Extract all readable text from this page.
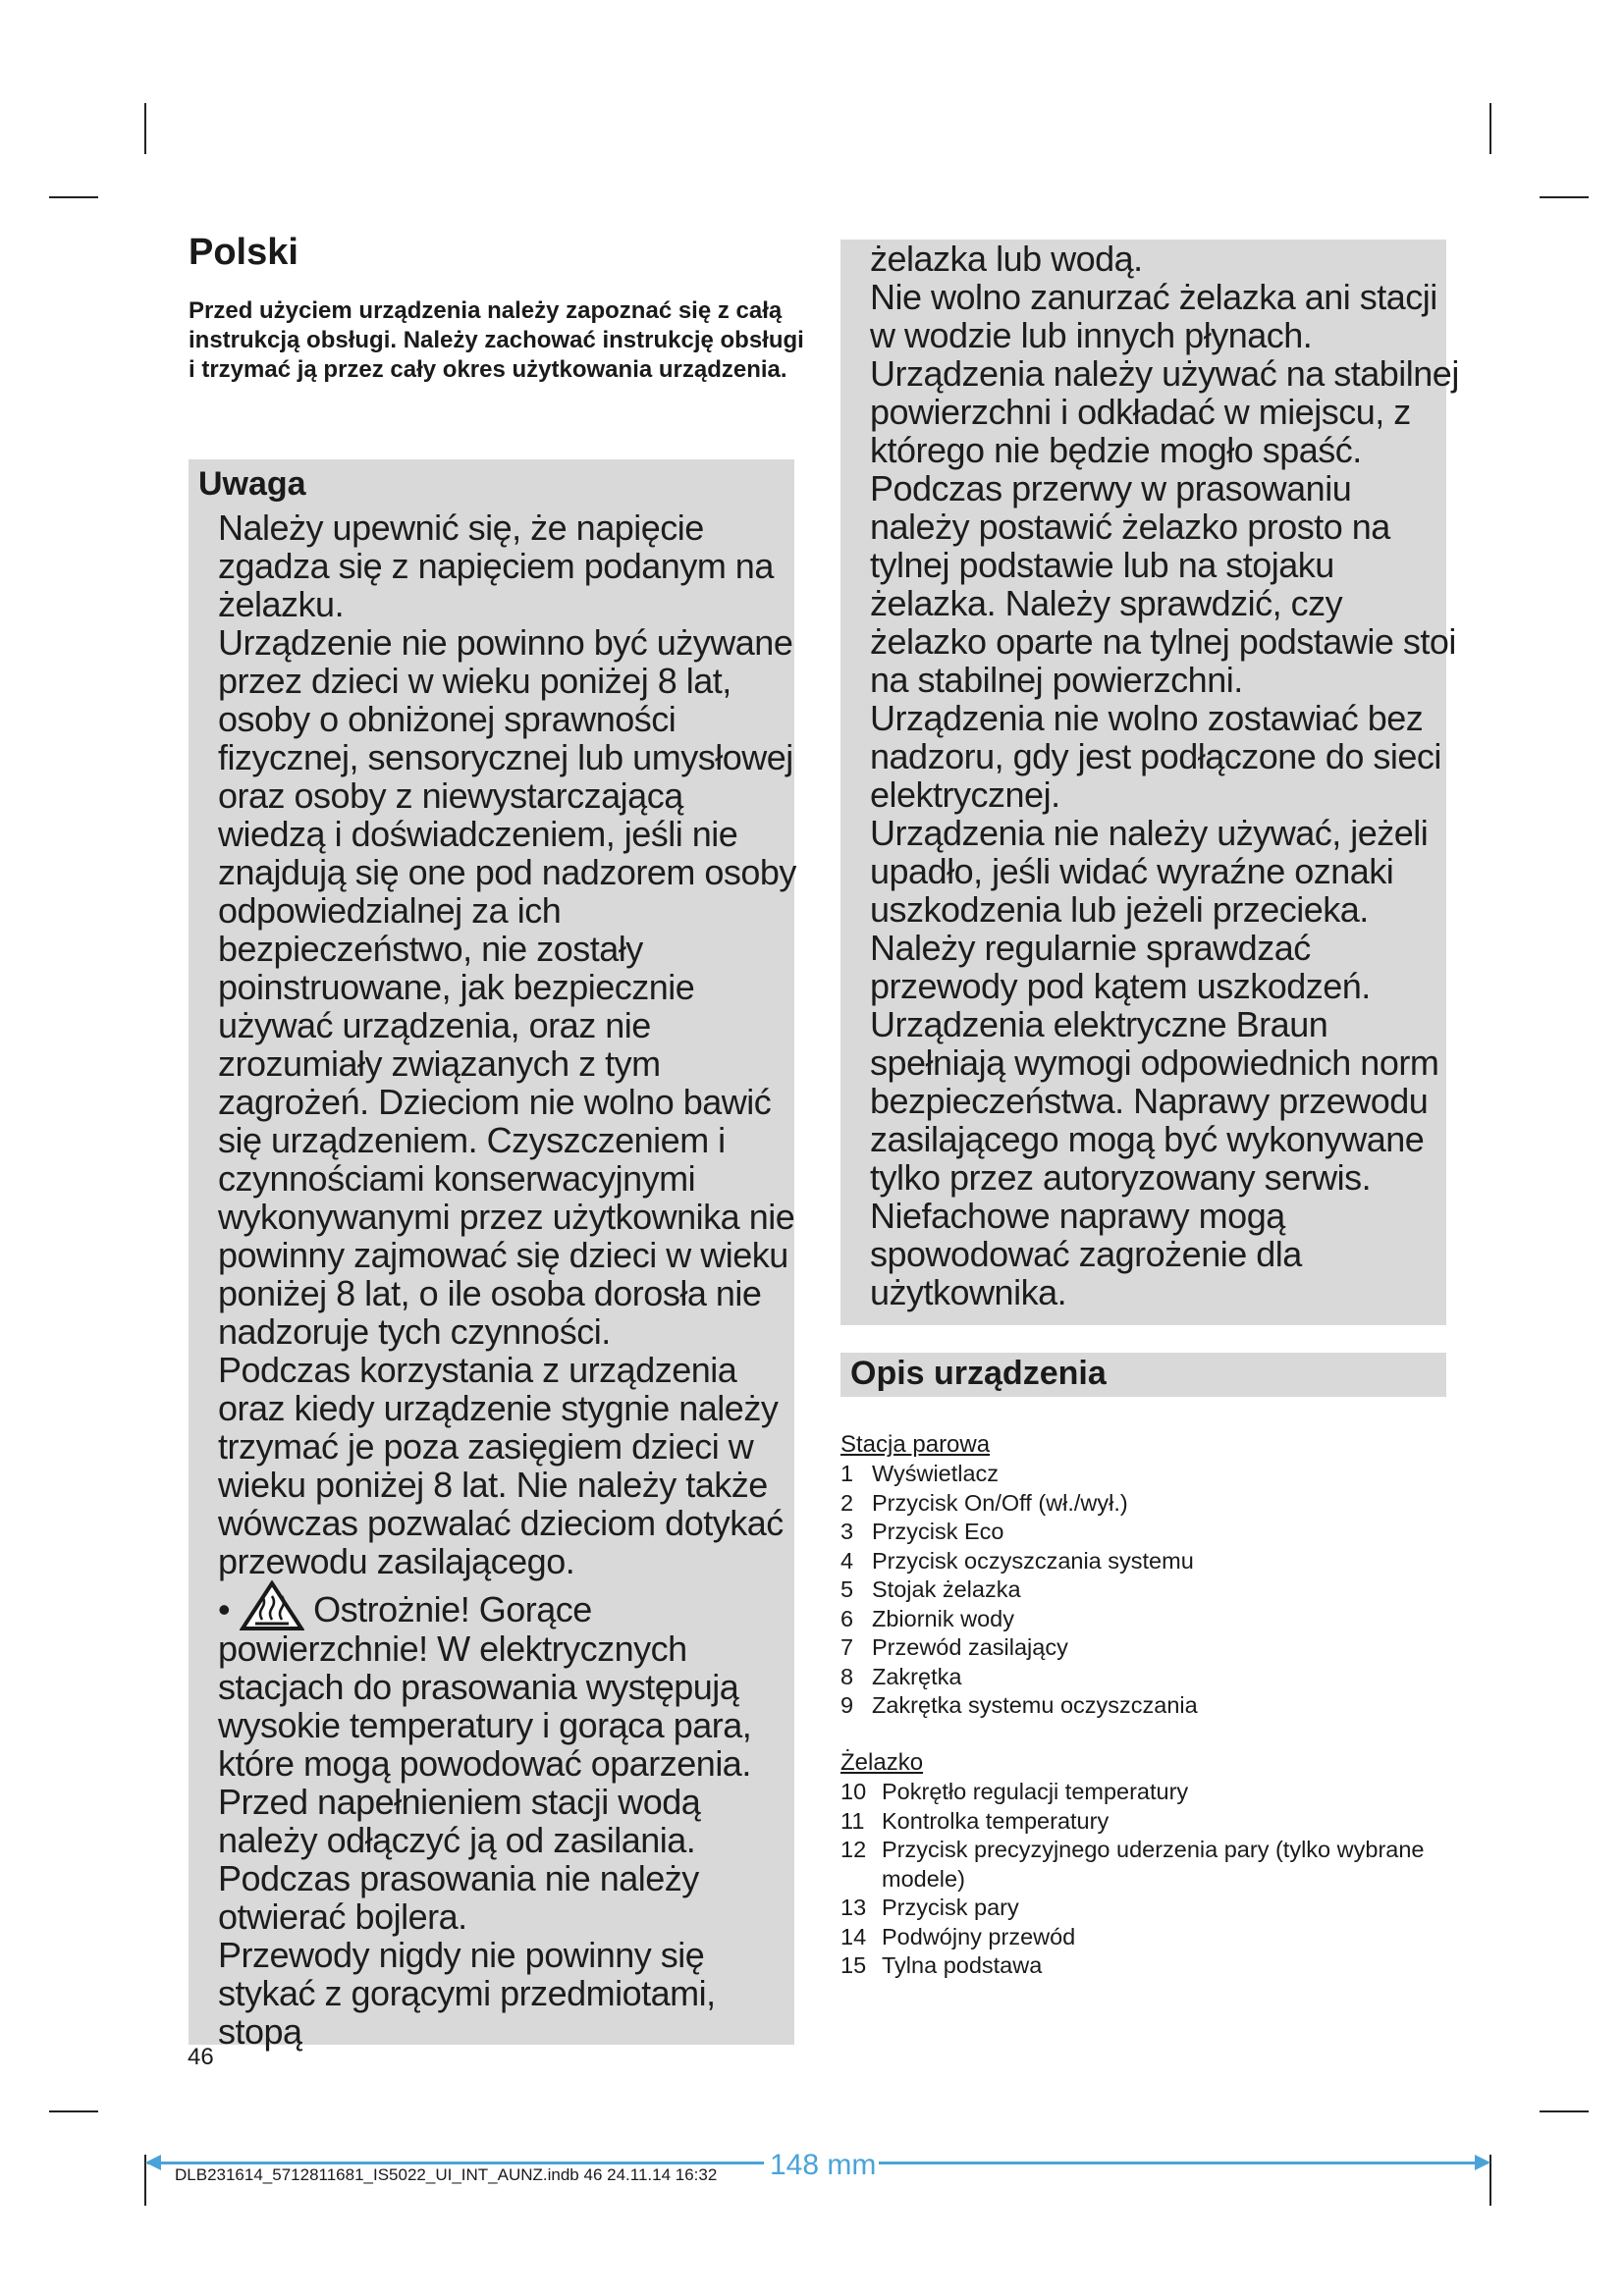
Polski

Przed użyciem urządzenia należy zapoznać się z całą instrukcją obsługi. Należy zachować instrukcję obsługi i trzymać ją przez cały okres użytkowania urządzenia.

Uwaga
Należy upewnić się, że napięcie zgadza się z napięciem podanym na żelazku.
Urządzenie nie powinno być używane przez dzieci w wieku poniżej 8 lat, osoby o obniżonej sprawności fizycznej, sensorycznej lub umysłowej oraz osoby z niewystarczającą wiedzą i doświadczeniem, jeśli nie znajdują się one pod nadzorem osoby odpowiedzialnej za ich bezpieczeństwo, nie zostały poinstruowane, jak bezpiecznie używać urządzenia, oraz nie zrozumiały związanych z tym zagrożeń. Dzieciom nie wolno bawić się urządzeniem. Czyszczeniem i czynnościami konserwacyjnymi wykonywanymi przez użytkownika nie powinny zajmować się dzieci w wieku poniżej 8 lat, o ile osoba dorosła nie nadzoruje tych czynności.
Podczas korzystania z urządzenia oraz kiedy urządzenie stygnie należy trzymać je poza zasięgiem dzieci w wieku poniżej 8 lat. Nie należy także wówczas pozwalać dzieciom dotykać przewodu zasilającego.
• Ostrożnie! Gorące powierzchnie! W elektrycznych stacjach do prasowania występują wysokie temperatury i gorąca para, które mogą powodować oparzenia.
Przed napełnieniem stacji wodą należy odłączyć ją od zasilania.
Podczas prasowania nie należy otwierać bojlera.
Przewody nigdy nie powinny się stykać z gorącymi przedmiotami, stopą
żelazka lub wodą.
Nie wolno zanurzać żelazka ani stacji w wodzie lub innych płynach.
Urządzenia należy używać na stabilnej powierzchni i odkładać w miejscu, z którego nie będzie mogło spaść.
Podczas przerwy w prasowaniu należy postawić żelazko prosto na tylnej podstawie lub na stojaku żelazka. Należy sprawdzić, czy żelazko oparte na tylnej podstawie stoi na stabilnej powierzchni.
Urządzenia nie wolno zostawiać bez nadzoru, gdy jest podłączone do sieci elektrycznej.
Urządzenia nie należy używać, jeżeli upadło, jeśli widać wyraźne oznaki uszkodzenia lub jeżeli przecieka. Należy regularnie sprawdzać przewody pod kątem uszkodzeń.
Urządzenia elektryczne Braun spełniają wymogi odpowiednich norm bezpieczeństwa. Naprawy przewodu zasilającego mogą być wykonywane tylko przez autoryzowany serwis. Niefachowe naprawy mogą spowodować zagrożenie dla użytkownika.
Opis urządzenia

Stacja parowa

1 Wyświetlacz
2 Przycisk On/Off (wł./wył.)
3 Przycisk Eco
4 Przycisk oczyszczania systemu
5 Stojak żelazka
6 Zbiornik wody
7 Przewód zasilający
8 Zakrętka
9 Zakrętka systemu oczyszczania

Żelazko

10 Pokrętło regulacji temperatury
11 Kontrolka temperatury
12 Przycisk precyzyjnego uderzenia pary (tylko wybrane modele)
13 Przycisk pary
14 Podwójny przewód
15 Tylna podstawa

46

148 mm

DLB231614_5712811681_IS5022_UI_INT_AUNZ.indb 46 24.11.14 16:32
